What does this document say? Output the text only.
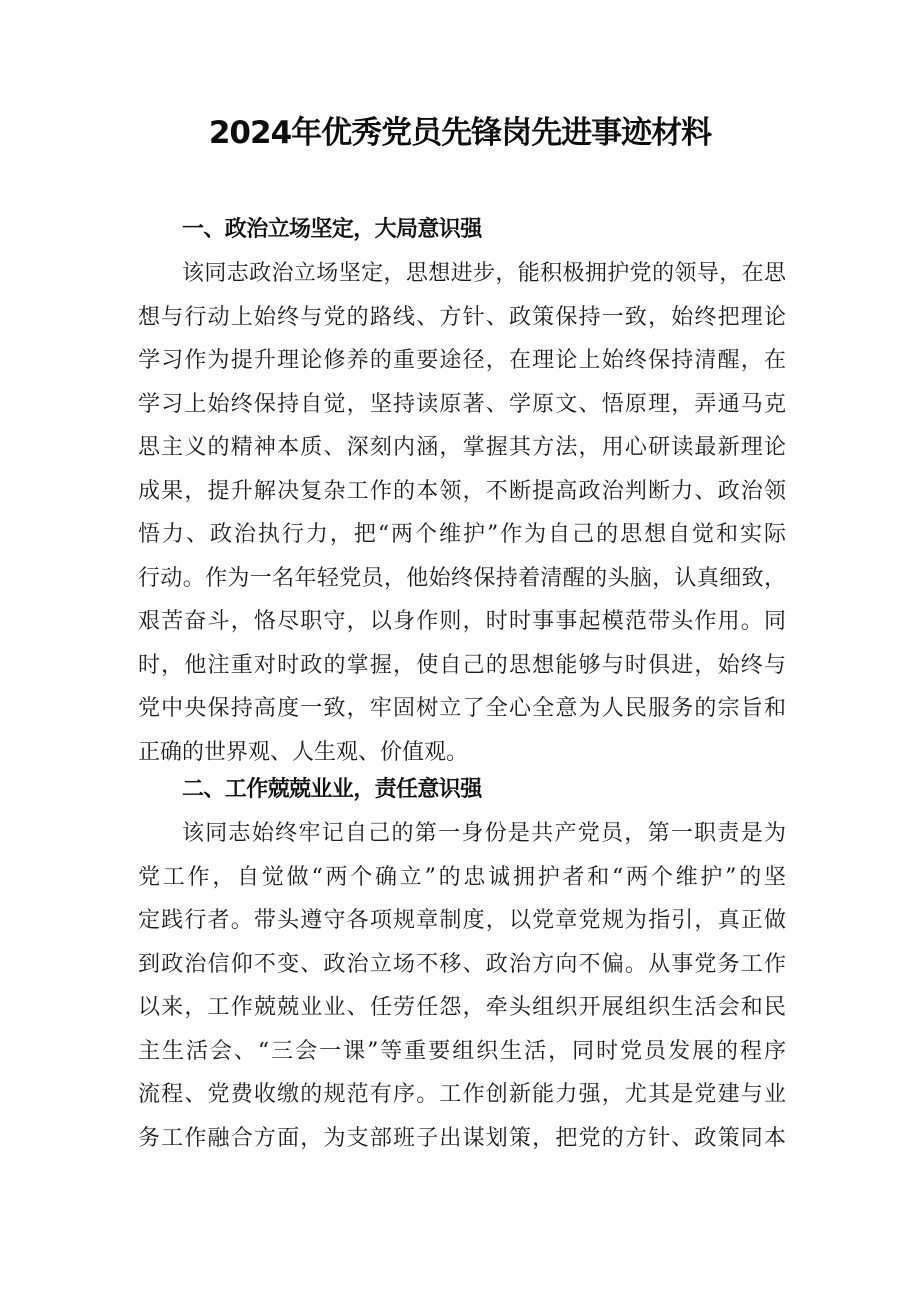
2024年优秀党员先锋岗先进事迹材料
一、政治立场坚定，大局意识强
该同志政治立场坚定，思想进步，能积极拥护党的领导，在思
想与行动上始终与党的路线、方针、政策保持一致，始终把理论
学习作为提升理论修养的重要途径，在理论上始终保持清醒，在
学习上始终保持自觉，坚持读原著、学原文、悟原理，弄通马克
思主义的精神本质、深刻内涵，掌握其方法，用心研读最新理论
成果，提升解决复杂工作的本领，不断提高政治判断力、政治领
悟力、政治执行力，把“两个维护”作为自己的思想自觉和实际
行动。作为一名年轻党员，他始终保持着清醒的头脑，认真细致，
艰苦奋斗，恪尽职守，以身作则，时时事事起模范带头作用。同
时，他注重对时政的掌握，使自己的思想能够与时俱进，始终与
党中央保持高度一致，牢固树立了全心全意为人民服务的宗旨和
正确的世界观、人生观、价值观。
二、工作兢兢业业，责任意识强
该同志始终牢记自己的第一身份是共产党员，第一职责是为
党工作，自觉做“两个确立”的忠诚拥护者和“两个维护”的坚
定践行者。带头遵守各项规章制度，以党章党规为指引，真正做
到政治信仰不变、政治立场不移、政治方向不偏。从事党务工作
以来，工作兢兢业业、任劳任怨，牵头组织开展组织生活会和民
主生活会、“三会一课”等重要组织生活，同时党员发展的程序
流程、党费收缴的规范有序。工作创新能力强，尤其是党建与业
务工作融合方面，为支部班子出谋划策，把党的方针、政策同本
